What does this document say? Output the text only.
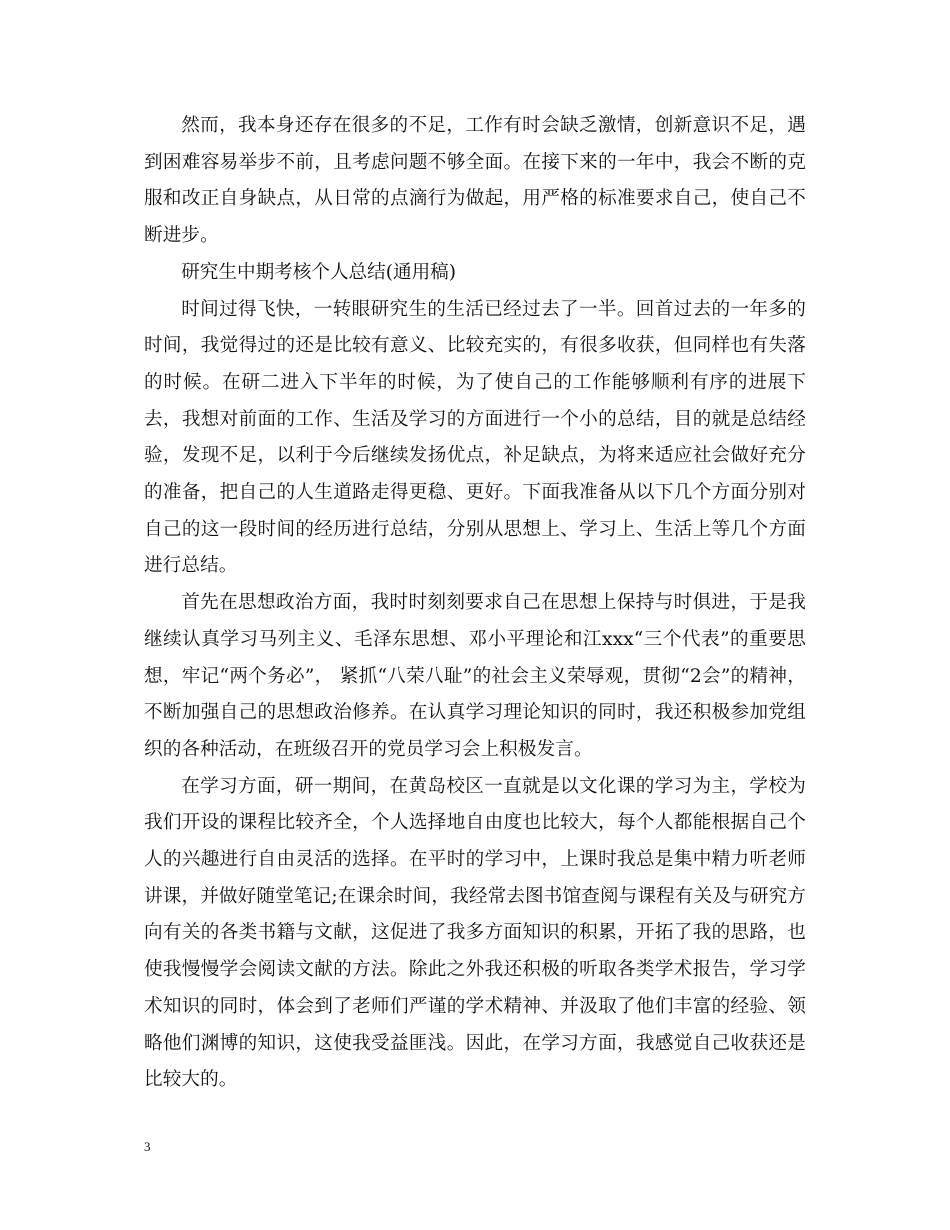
然而，我本身还存在很多的不足，工作有时会缺乏激情，创新意识不足，遇到困难容易举步不前，且考虑问题不够全面。在接下来的一年中，我会不断的克服和改正自身缺点，从日常的点滴行为做起，用严格的标准要求自己，使自己不断进步。

研究生中期考核个人总结(通用稿)

时间过得飞快，一转眼研究生的生活已经过去了一半。回首过去的一年多的时间，我觉得过的还是比较有意义、比较充实的，有很多收获，但同样也有失落的时候。在研二进入下半年的时候，为了使自己的工作能够顺利有序的进展下去，我想对前面的工作、生活及学习的方面进行一个小的总结，目的就是总结经验，发现不足，以利于今后继续发扬优点，补足缺点，为将来适应社会做好充分的准备，把自己的人生道路走得更稳、更好。下面我准备从以下几个方面分别对自己的这一段时间的经历进行总结，分别从思想上、学习上、生活上等几个方面进行总结。

首先在思想政治方面，我时时刻刻要求自己在思想上保持与时俱进，于是我继续认真学习马列主义、毛泽东思想、邓小平理论和江xxx“三个代表”的重要思想，牢记“两个务必”， 紧抓“八荣八耻”的社会主义荣辱观，贯彻“2会”的精神，不断加强自己的思想政治修养。在认真学习理论知识的同时，我还积极参加党组织的各种活动，在班级召开的党员学习会上积极发言。

在学习方面，研一期间，在黄岛校区一直就是以文化课的学习为主，学校为我们开设的课程比较齐全，个人选择地自由度也比较大，每个人都能根据自己个人的兴趣进行自由灵活的选择。在平时的学习中，上课时我总是集中精力听老师讲课，并做好随堂笔记;在课余时间，我经常去图书馆查阅与课程有关及与研究方向有关的各类书籍与文献，这促进了我多方面知识的积累，开拓了我的思路，也使我慢慢学会阅读文献的方法。除此之外我还积极的听取各类学术报告，学习学术知识的同时，体会到了老师们严谨的学术精神、并汲取了他们丰富的经验、领略他们渊博的知识，这使我受益匪浅。因此，在学习方面，我感觉自己收获还是比较大的。

3
